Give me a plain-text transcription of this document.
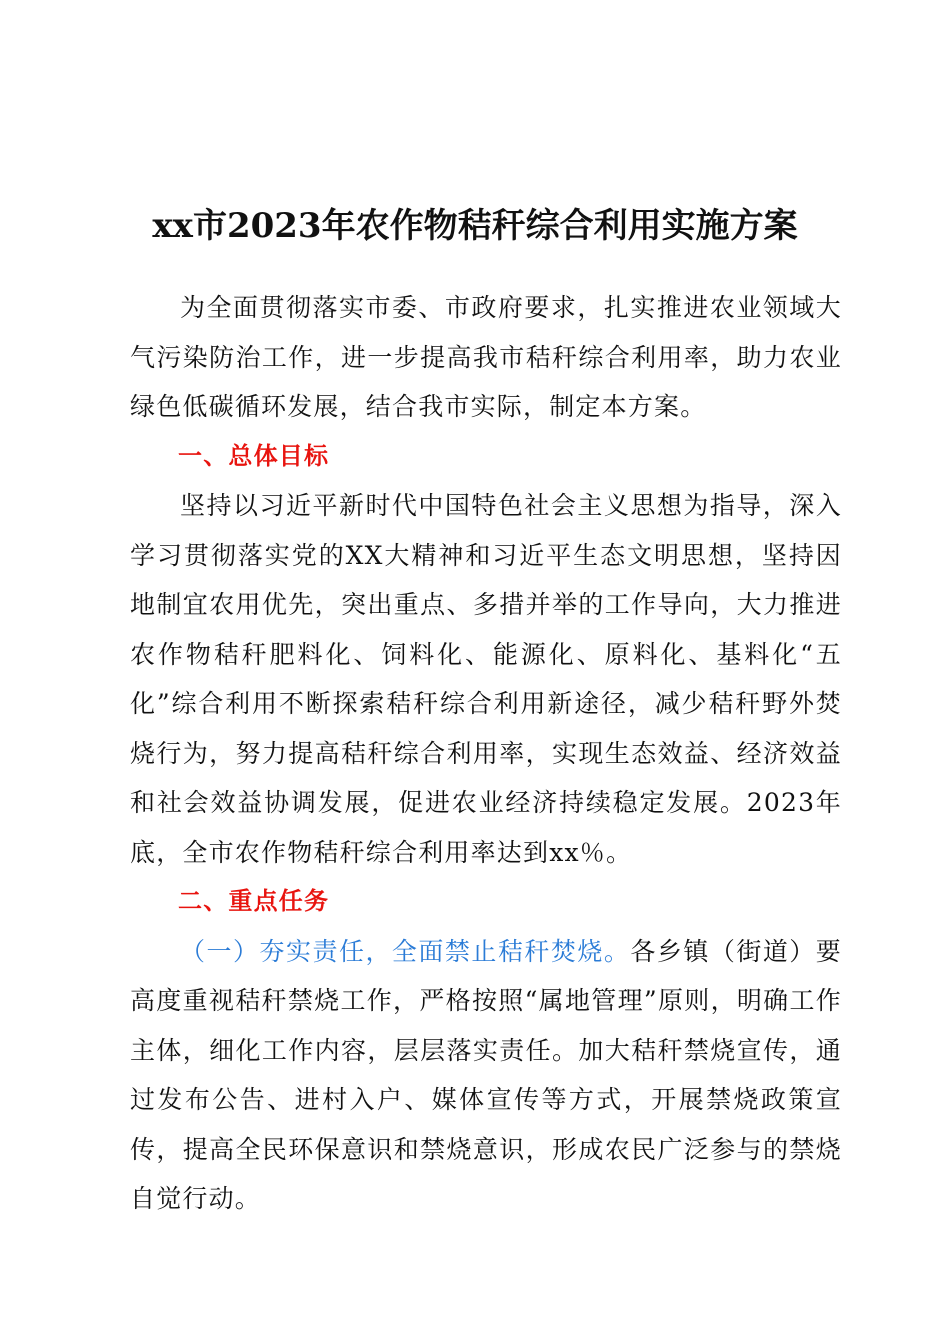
xx市2023年农作物秸秆综合利用实施方案

为全面贯彻落实市委、市政府要求，扎实推进农业领域大气污染防治工作，进一步提高我市秸秆综合利用率，助力农业绿色低碳循环发展，结合我市实际，制定本方案。

一、总体目标

坚持以习近平新时代中国特色社会主义思想为指导，深入学习贯彻落实党的XX大精神和习近平生态文明思想，坚持因地制宜农用优先，突出重点、多措并举的工作导向，大力推进农作物秸秆肥料化、饲料化、能源化、原料化、基料化“五化”综合利用不断探索秸秆综合利用新途径，减少秸秆野外焚烧行为，努力提高秸秆综合利用率，实现生态效益、经济效益和社会效益协调发展，促进农业经济持续稳定发展。2023年底，全市农作物秸秆综合利用率达到xx％。

二、重点任务

（一）夯实责任，全面禁止秸秆焚烧。各乡镇（街道）要高度重视秸秆禁烧工作，严格按照“属地管理”原则，明确工作主体，细化工作内容，层层落实责任。加大秸秆禁烧宣传，通过发布公告、进村入户、媒体宣传等方式，开展禁烧政策宣传，提高全民环保意识和禁烧意识，形成农民广泛参与的禁烧自觉行动。
